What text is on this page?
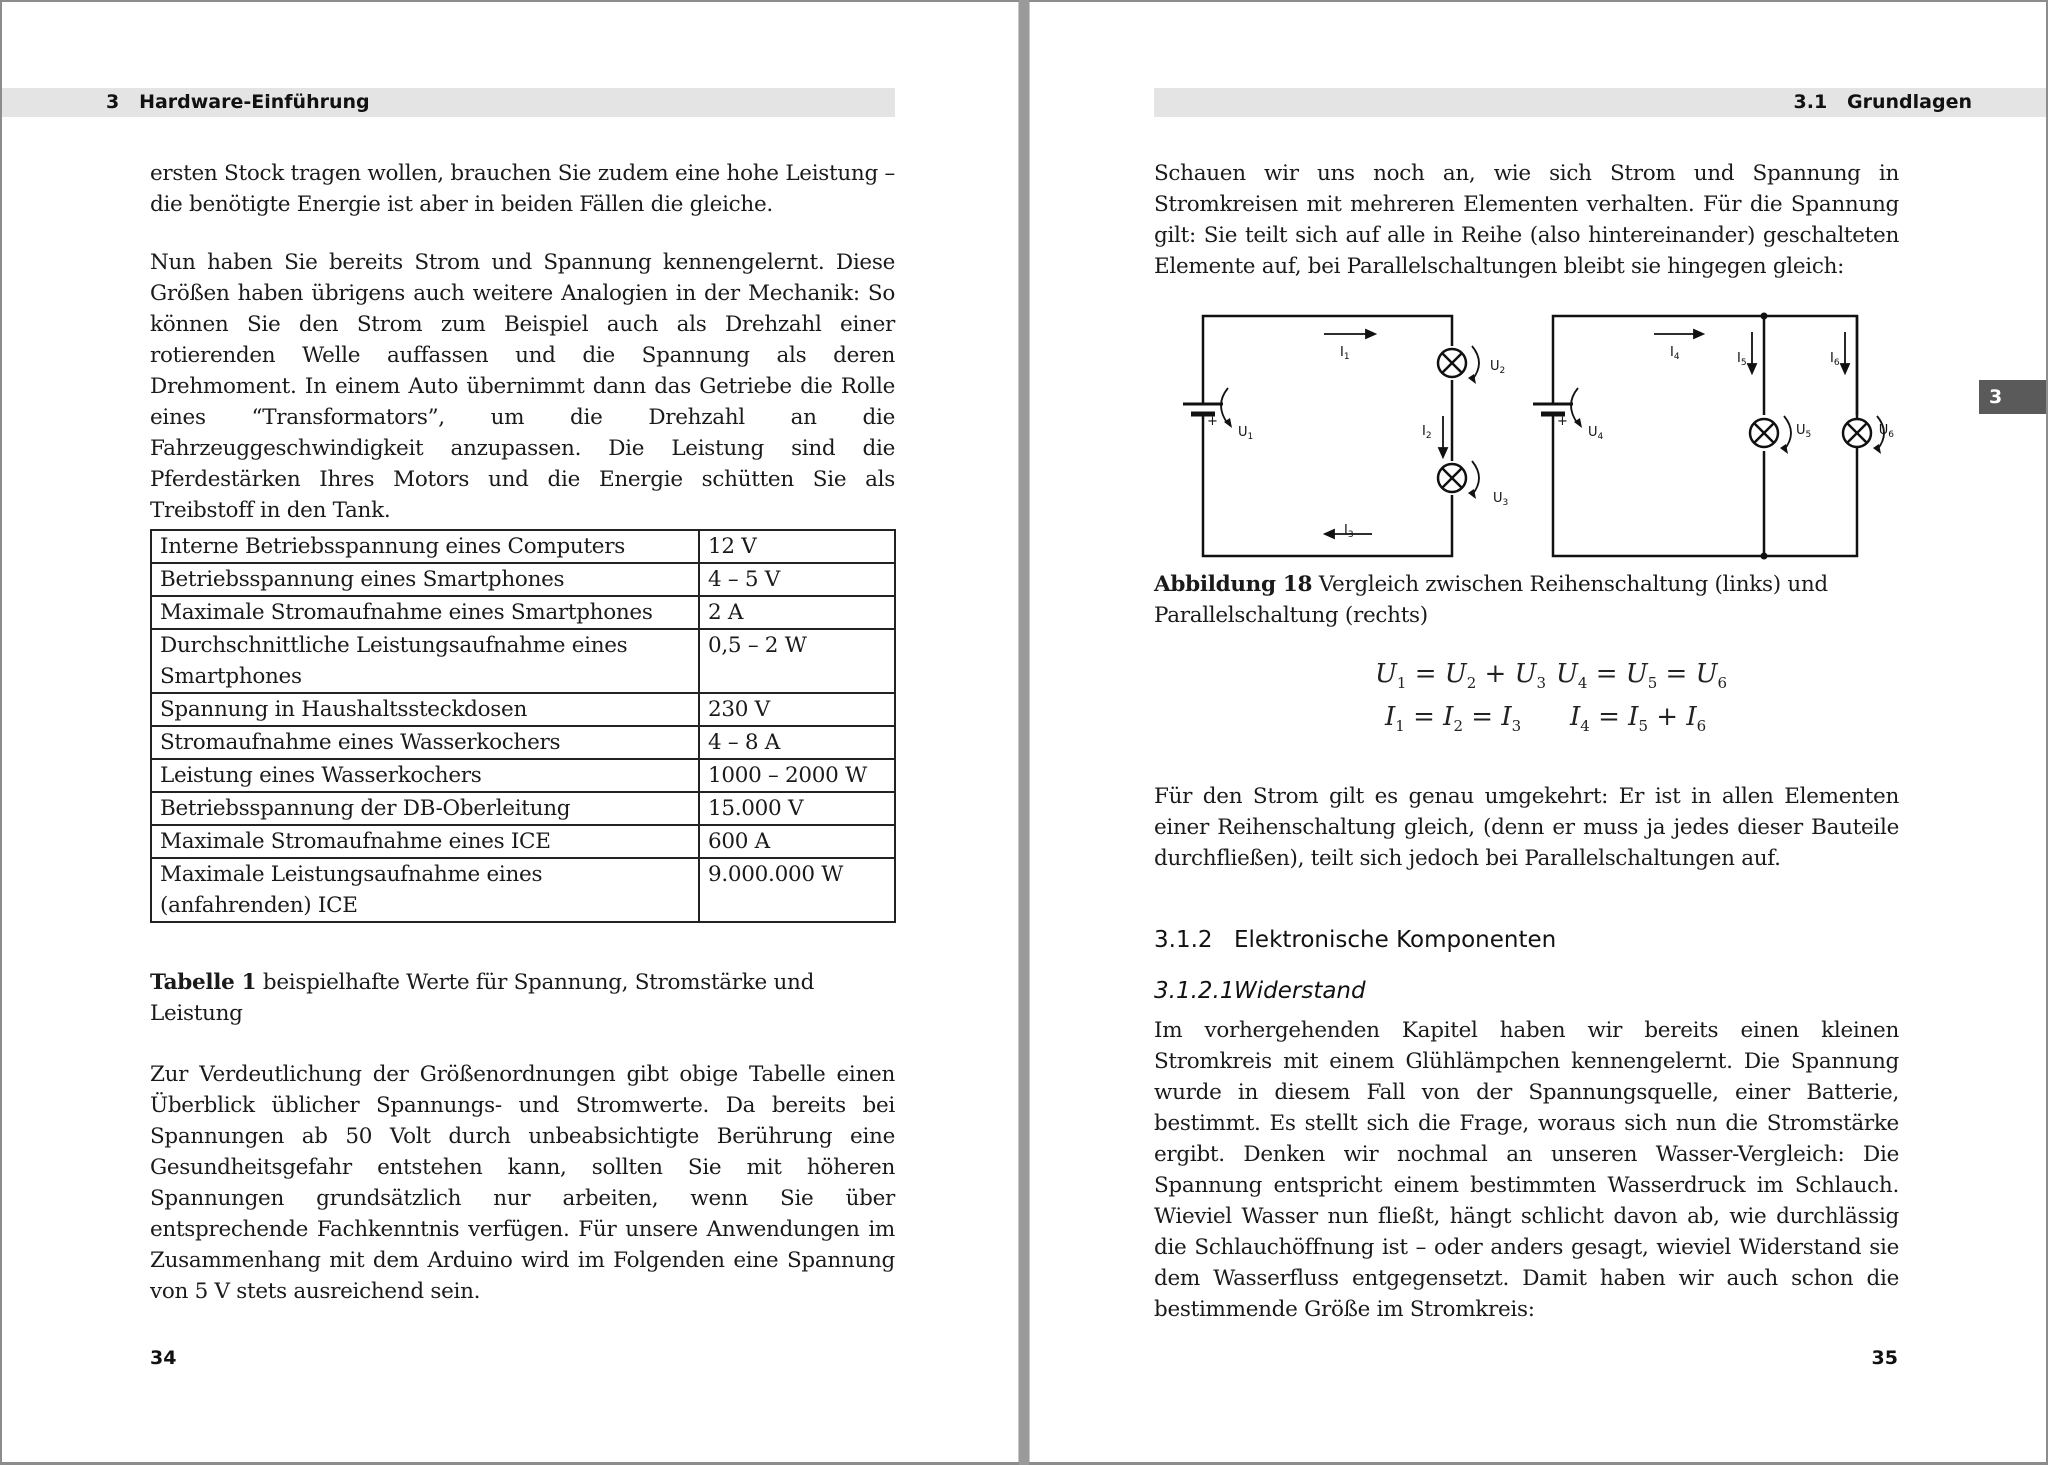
3   Hardware-Einführung

ersten Stock tragen wollen, brauchen Sie zudem eine hohe Leistung – die benötigte Energie ist aber in beiden Fällen die gleiche.

Nun haben Sie bereits Strom und Spannung kennengelernt. Diese Größen haben übrigens auch weitere Analogien in der Mechanik: So können Sie den Strom zum Beispiel auch als Drehzahl einer rotierenden Welle auffassen und die Spannung als deren Drehmoment. In einem Auto übernimmt dann das Getriebe die Rolle eines “Transformators”, um die Drehzahl an die Fahrzeuggeschwindigkeit anzupassen. Die Leistung sind die Pferdestärken Ihres Motors und die Energie schütten Sie als Treibstoff in den Tank.

Interne Betriebsspannung eines Computers	12 V
Betriebsspannung eines Smartphones	4 – 5 V
Maximale Stromaufnahme eines Smartphones	2 A
Durchschnittliche Leistungsaufnahme eines Smartphones	0,5 – 2 W
Spannung in Haushaltssteckdosen	230 V
Stromaufnahme eines Wasserkochers	4 – 8 A
Leistung eines Wasserkochers	1000 – 2000 W
Betriebsspannung der DB-Oberleitung	15.000 V
Maximale Stromaufnahme eines ICE	600 A
Maximale Leistungsaufnahme eines (anfahrenden) ICE	9.000.000 W
Tabelle 1 beispielhafte Werte für Spannung, Stromstärke und Leistung

Zur Verdeutlichung der Größenordnungen gibt obige Tabelle einen Überblick üblicher Spannungs- und Stromwerte. Da bereits bei Spannungen ab 50 Volt durch unbeabsichtigte Berührung eine Gesundheitsgefahr entstehen kann, sollten Sie mit höheren Spannungen grundsätzlich nur arbeiten, wenn Sie über entsprechende Fachkenntnis verfügen. Für unsere Anwendungen im Zusammenhang mit dem Arduino wird im Folgenden eine Spannung von 5 V stets ausreichend sein.

34
3.1   Grundlagen
3

Schauen wir uns noch an, wie sich Strom und Spannung in Stromkreisen mit mehreren Elementen verhalten. Für die Spannung gilt: Sie teilt sich auf alle in Reihe (also hintereinander) geschalteten Elemente auf, bei Parallelschaltungen bleibt sie hingegen gleich:

+	+
$I_1$
$I_2$
$I_3$
$U_1$
$U_2$
$U_3$
$I_4$	$I_5$	$I_6$
$U_4$	$U_5$	$U_6$
Abbildung 18 Vergleich zwischen Reihenschaltung (links) und Parallelschaltung (rechts)
$U_1 = U_2 + U_3$ $U_4 = U_5 = U_6$
$I_1 = I_2 = I_3$ $I_4 = I_5 + I_6$

Für den Strom gilt es genau umgekehrt: Er ist in allen Elementen einer Reihenschaltung gleich, (denn er muss ja jedes dieser Bauteile durchfließen), teilt sich jedoch bei Parallelschaltungen auf.

3.1.2 Elektronische Komponenten
3.1.2.1Widerstand

Im vorhergehenden Kapitel haben wir bereits einen kleinen Stromkreis mit einem Glühlämpchen kennengelernt. Die Spannung wurde in diesem Fall von der Spannungsquelle, einer Batterie, bestimmt. Es stellt sich die Frage, woraus sich nun die Stromstärke ergibt. Denken wir nochmal an unseren Wasser-Vergleich: Die Spannung entspricht einem bestimmten Wasserdruck im Schlauch. Wieviel Wasser nun fließt, hängt schlicht davon ab, wie durchlässig die Schlauchöffnung ist – oder anders gesagt, wieviel Widerstand sie dem Wasserfluss entgegensetzt. Damit haben wir auch schon die bestimmende Größe im Stromkreis:

35
